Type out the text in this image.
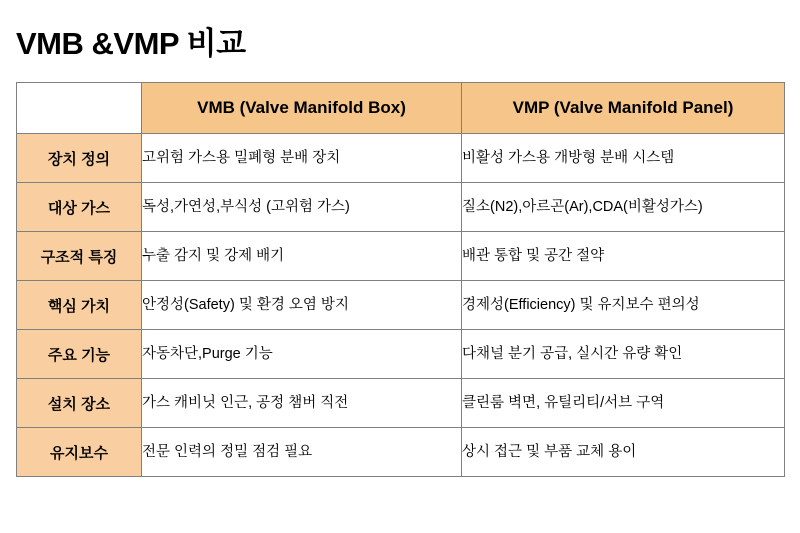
VMB &VMP 비교
	VMB (Valve Manifold Box)	VMP (Valve Manifold Panel)
장치 정의	고위험 가스용 밀폐형 분배 장치	비활성 가스용 개방형 분배 시스템
대상 가스	독성,가연성,부식성 (고위험 가스)	질소(N2),아르곤(Ar),CDA(비활성가스)
구조적 특징	누출 감지 및 강제 배기	배관 통합 및 공간 절약
핵심 가치	안정성(Safety) 및 환경 오염 방지	경제성(Efficiency) 및 유지보수 편의성
주요 기능	자동차단,Purge 기능	다채널 분기 공급, 실시간 유량 확인
설치 장소	가스 캐비닛 인근, 공정 챔버 직전	클린룸 벽면, 유틸리티/서브 구역
유지보수	전문 인력의 정밀 점검 필요	상시 접근 및 부품 교체 용이
